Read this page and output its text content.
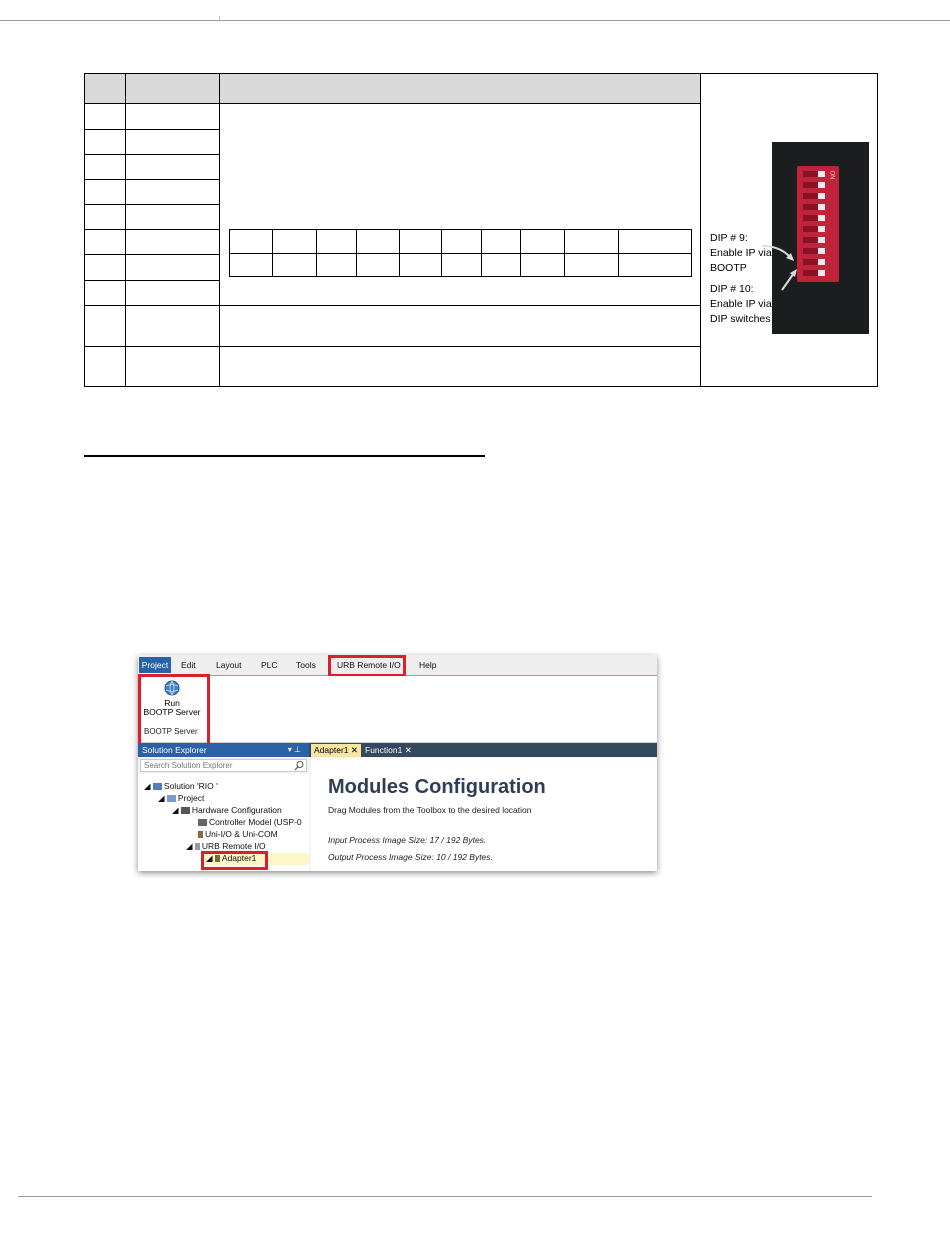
ON
DIP # 9:
Enable IP via
BOOTP
DIP # 10:
Enable IP via
DIP switches
Project	Edit Layout PLC Tools URB Remote I/O Help
Run
BOOTP Server
BOOTP Server
Solution Explorer	▾ ⊥	Adapter1 ✕ Function1 ✕
Search Solution Explorer
◢ Solution 'RIO '
◢ Project
◢ Hardware Configuration
Controller Model (USP-0
Uni-I/O & Uni-COM
◢ URB Remote I/O
◢ Adapter1
Modules Configuration
Drag Modules from the Toolbox to the desired location
Input Process Image Size: 17 / 192 Bytes.
Output Process Image Size: 10 / 192 Bytes.
